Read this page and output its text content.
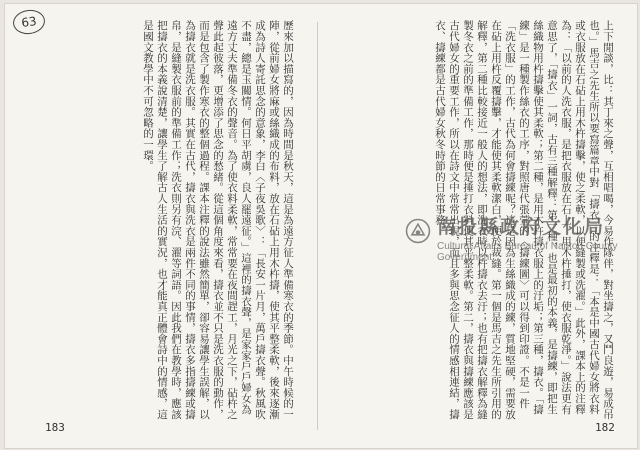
63	上下閒談，比：其丁來之聲，互相唱喝，今易作隊伴，對坐擣之，又鬥良遊，易成吊也。」馬吉之先生所以要寫篇章中對「擣衣」的注釋是：「本是中國古代婦女將衣料或衣服放在石砧上用木杵擣擊，使之柔軟，以便縫製或洗濯。」此外，課本上的注釋為：「以前的人洗衣服，是把衣服放在石上，用木杵捶打，使衣服乾淨。」說法更有意思了，「擣衣」一詞，古有三種解釋：第一種，也是最初的本義，是擣練，即把生絲織物用杵擣擊使其柔軟；第二種，是用木杵擣衣服上的汙垢；第三種，擣衣。「擣練」是一種製作絲衣的工序，對照唐代張萱的〈擣練圖〉可以得到印證。不是一件「洗衣服」的工作，古代為何會擣練呢？這是因為生絲織成的練，質地堅硬，需要放在砧上用杵反覆擣擊，才能使其柔軟潔白，便於裁縫。第一個是馬吉之先生所引用的解釋，第二種比較接近一般人的想法，即洗衣時以杵擣衣去汙；也有把擣衣解釋為縫製冬衣之前的準備工作，那時便是捶打衣料使其平整柔軟。第二，擣衣與擣練應該是古代婦女的重要工作，所以在詩文中常常出現，而且多與思念征人的情感相連結，擣衣、擣練都是古代婦女秋冬時節的日常事務。
歷來加以描寫的，因為時間是秋天，這是為遠方征人準備寒衣的季節。中午時候的一陣，從前婦女將麻或絲織成的布料，放在石砧上用木杵擣，使其平整柔軟，後來逐漸成為詩人寄託思念的意象，李白〈子夜吳歌〉：「長安一片月，萬戶擣衣聲。秋風吹不盡，總是玉關情。何日平胡虜，良人罷遠征。」這裡的擣衣聲，是家家戶戶婦女為遠方丈夫準備冬衣的聲音。為了使衣料柔軟，常常要在夜間趕工，月光之下，砧杵之聲此起彼落，更增添了思念的愁緒。從這個角度來看，擣衣並不只是洗衣服的動作，而是包含了製作寒衣的整個過程。課本注釋的說法雖然簡單，卻容易讓學生誤解，以為擣衣就是洗衣服。其實在古代，擣衣與洗衣是兩件不同的事情，擣衣多指擣練或擣帛，是縫製衣服前的準備工作；洗衣則另有浣、濯等詞語。因此我們在教學時，應該把擣衣的本義說清楚，讓學生了解古人生活的實況，也才能真正體會詩中的情感，這是國文教學中不可忽略的一環。
南投縣政府文化局
Cultural Affairs Bureau of Nantou County Government
183	182
